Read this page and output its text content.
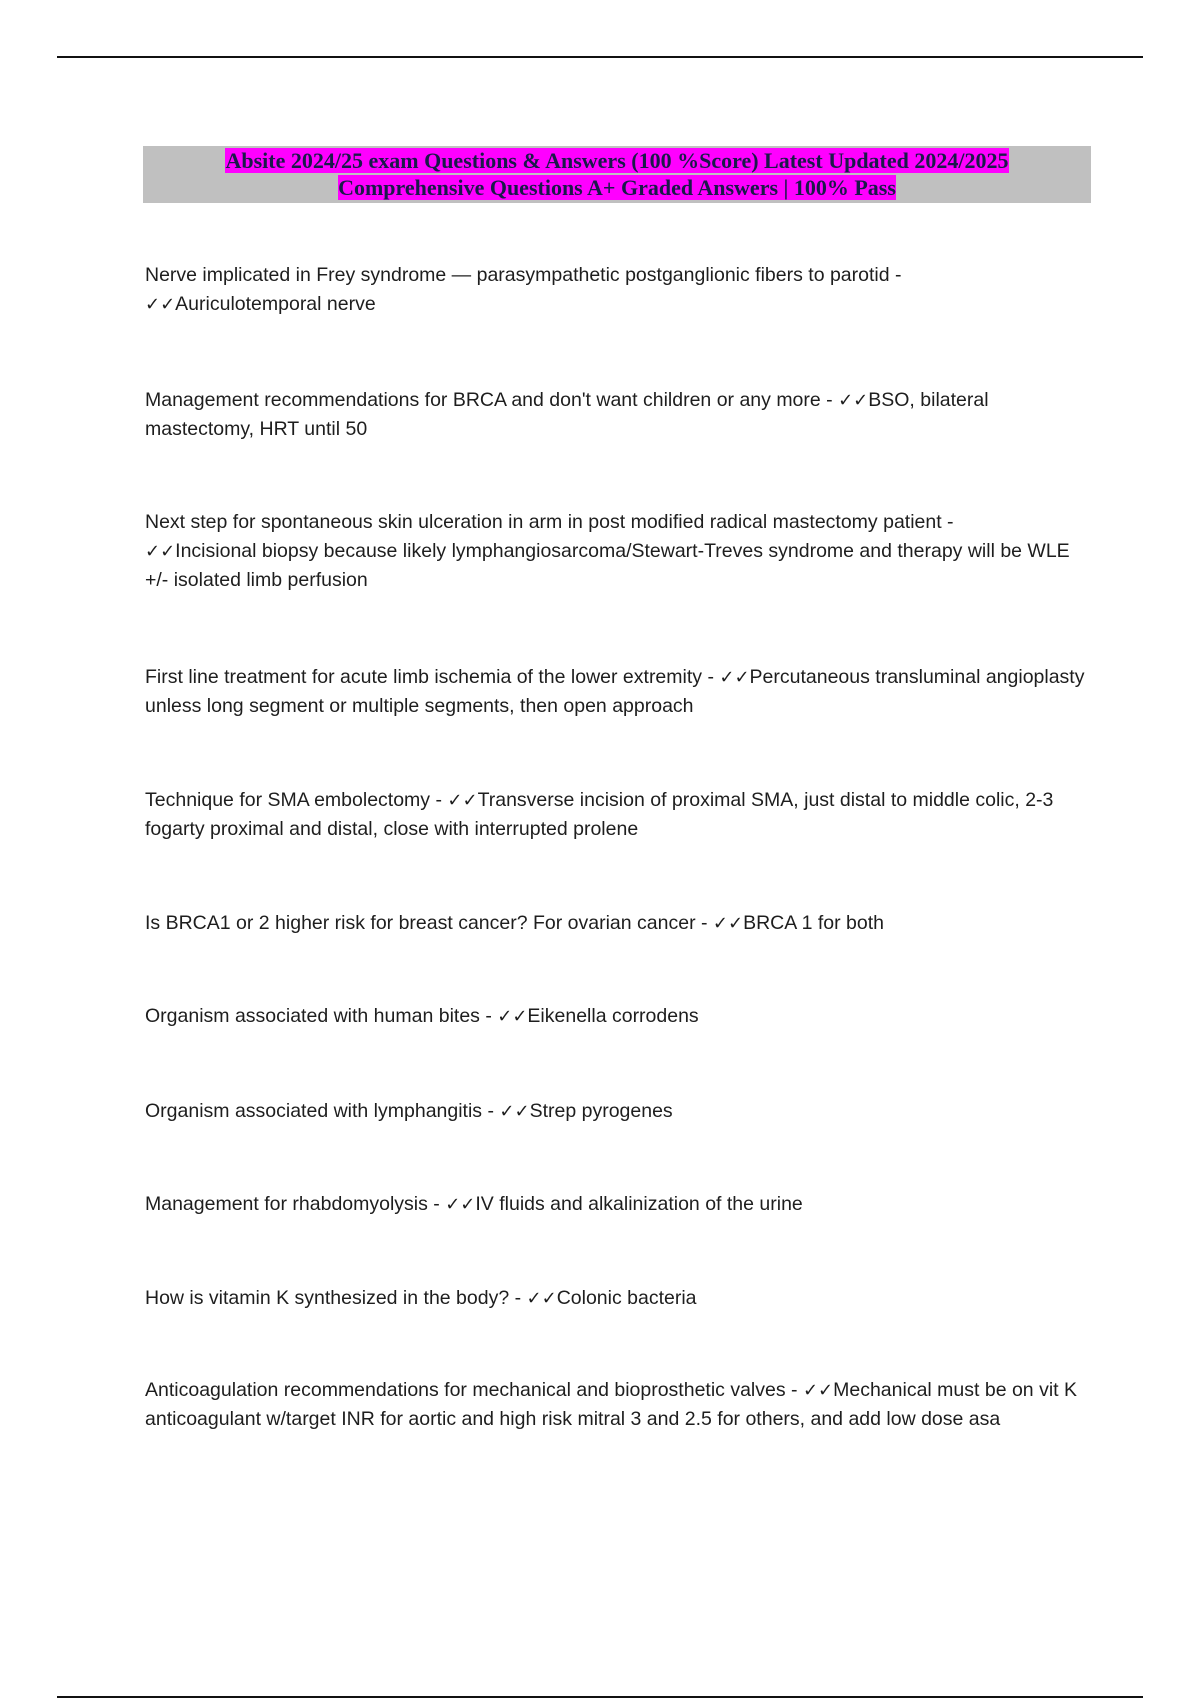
Absite 2024/25 exam Questions & Answers (100 %Score) Latest Updated 2024/2025
Comprehensive Questions A+ Graded Answers | 100% Pass

Nerve implicated in Frey syndrome — parasympathetic postganglionic fibers to parotid -
✓✓Auriculotemporal nerve

Management recommendations for BRCA and don't want children or any more - ✓✓BSO, bilateral mastectomy, HRT until 50

Next step for spontaneous skin ulceration in arm in post modified radical mastectomy patient -
✓✓Incisional biopsy because likely lymphangiosarcoma/Stewart-Treves syndrome and therapy will be WLE +/- isolated limb perfusion

First line treatment for acute limb ischemia of the lower extremity - ✓✓Percutaneous transluminal angioplasty unless long segment or multiple segments, then open approach

Technique for SMA embolectomy - ✓✓Transverse incision of proximal SMA, just distal to middle colic, 2-3 fogarty proximal and distal, close with interrupted prolene

Is BRCA1 or 2 higher risk for breast cancer? For ovarian cancer - ✓✓BRCA 1 for both

Organism associated with human bites - ✓✓Eikenella corrodens

Organism associated with lymphangitis - ✓✓Strep pyrogenes

Management for rhabdomyolysis - ✓✓IV fluids and alkalinization of the urine

How is vitamin K synthesized in the body? - ✓✓Colonic bacteria

Anticoagulation recommendations for mechanical and bioprosthetic valves - ✓✓Mechanical must be on vit K anticoagulant w/target INR for aortic and high risk mitral 3 and 2.5 for others, and add low dose asa
